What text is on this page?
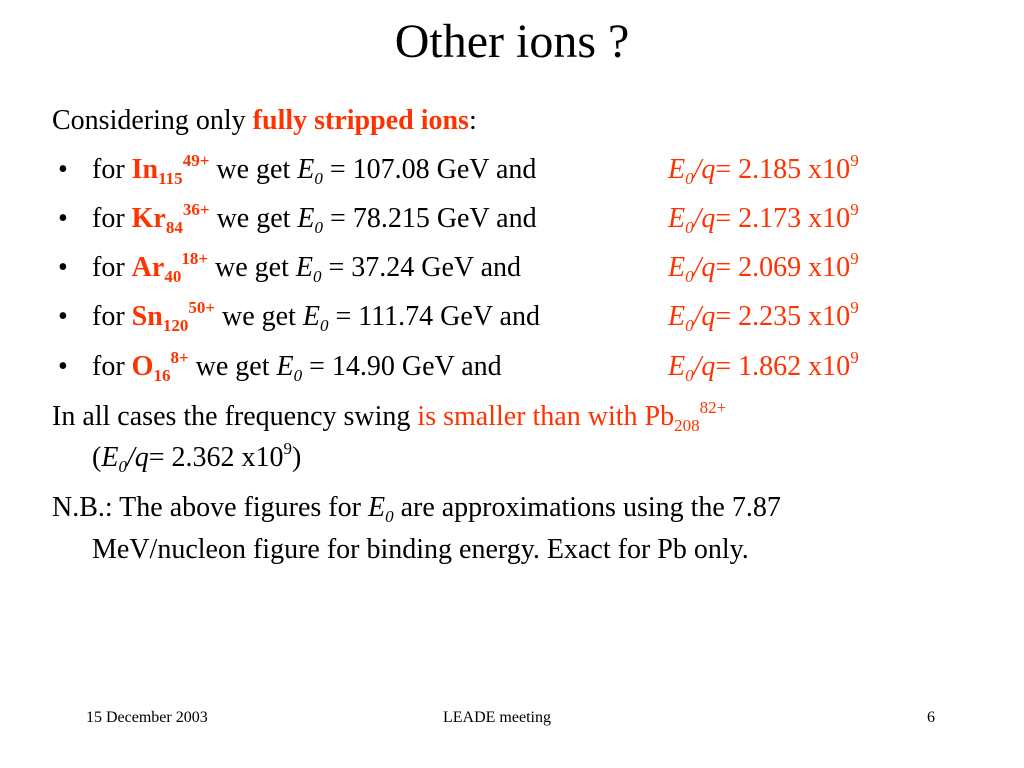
Other ions ?
Considering only fully stripped ions:
• for $In_{115}^{49+}$ we get $E_0 = 107.08$ GeV and	$E_0/q= 2.185$ $x10^9$
• for $Kr_{84}^{36+}$ we get $E_0 = 78.215$ GeV and	$E_0/q= 2.173$ $x10^9$
• for $Ar_{40}^{18+}$ we get $E_0 = 37.24$ GeV and	$E_0/q= 2.069$ $x10^9$
• for $Sn_{120}^{50+}$ we get $E_0 = 111.74$ GeV and	$E_0/q= 2.235$ $x10^9$
• for $O_{16}^{8+}$ we get $E_0 = 14.90$ GeV and	$E_0/q= 1.862$ $x10^9$
In all cases the frequency swing is smaller than with $Pb_{208}^{82+}$
($E_0/q= 2.362$ $x10^9$)
N.B.: The above figures for $E_0$ are approximations using the 7.87
MeV/nucleon figure for binding energy. Exact for Pb only.
15 December 2003	LEADE meeting	6
